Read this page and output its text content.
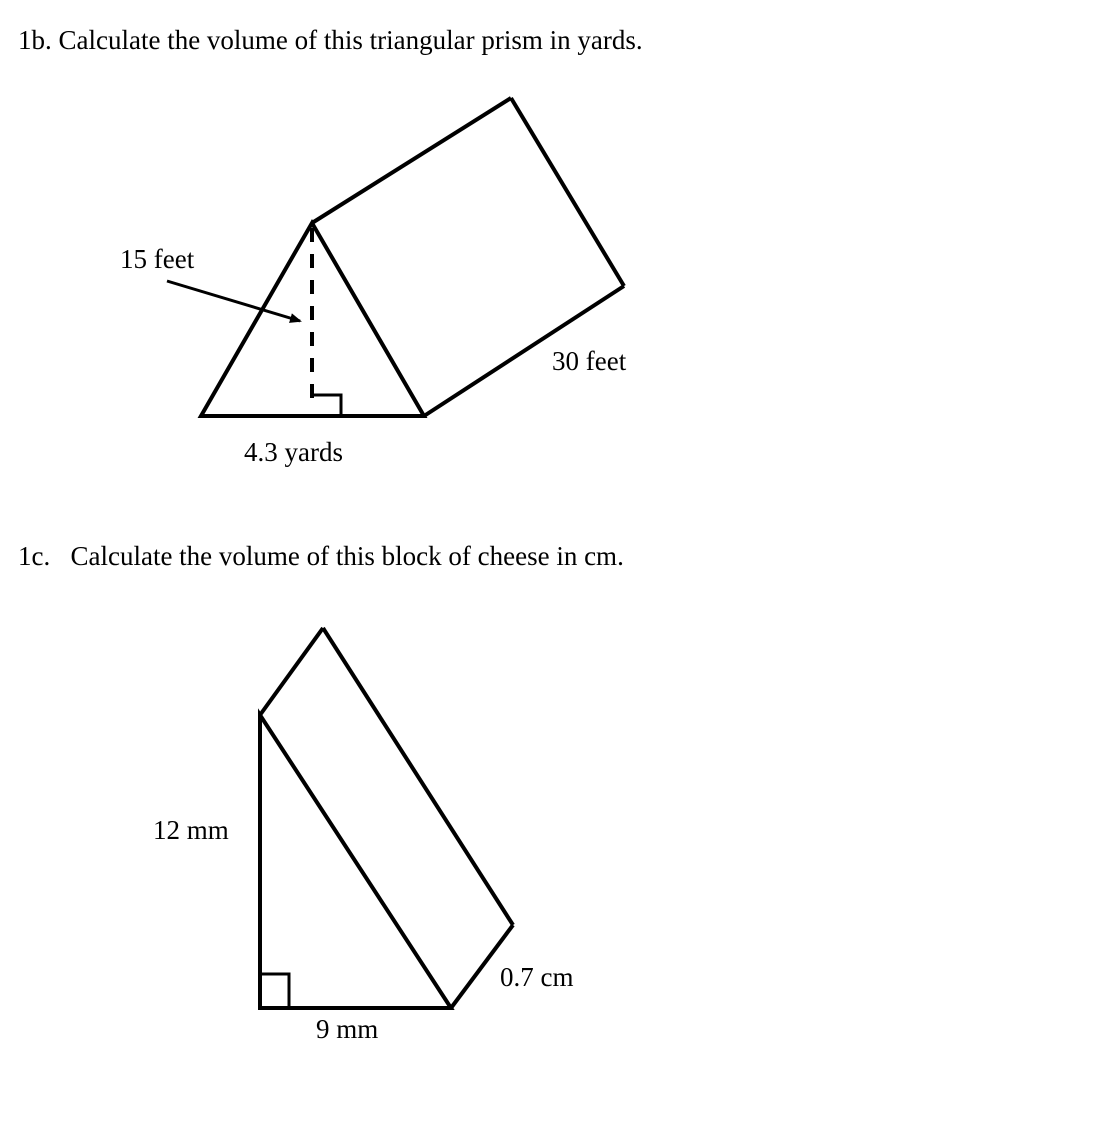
1b. Calculate the volume of this triangular prism in yards.

15 feet
30 feet
4.3 yards
12 mm
0.7 cm
9 mm

1c.   Calculate the volume of this block of cheese in cm.
